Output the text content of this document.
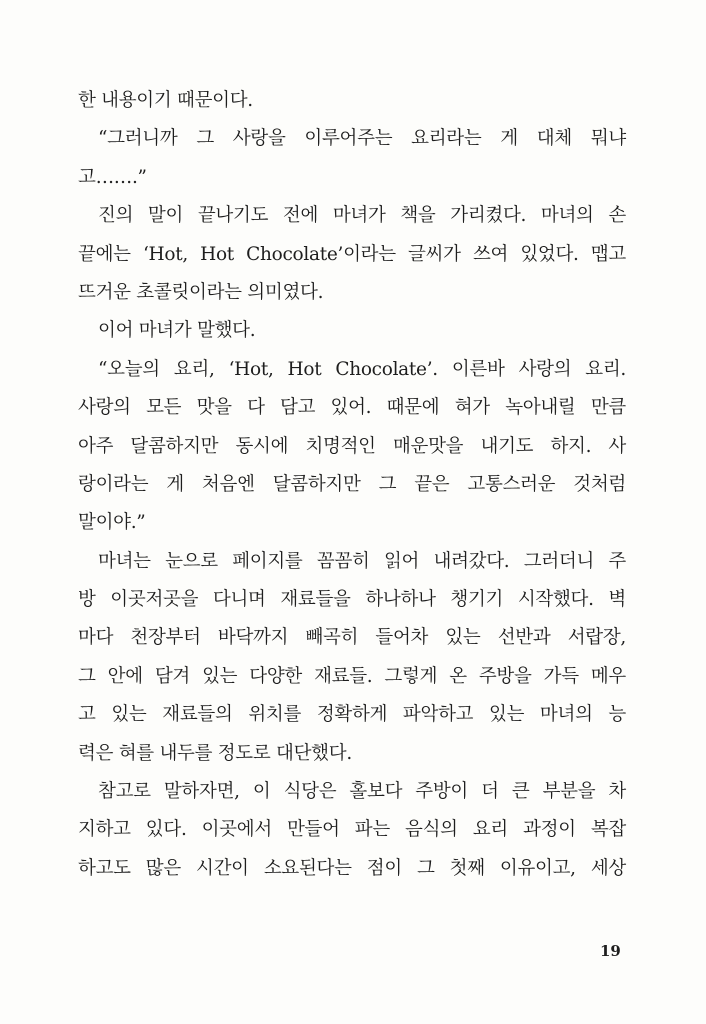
한 내용이기 때문이다.
“그러니까 그 사랑을 이루어주는 요리라는 게 대체 뭐냐
고…….”
진의 말이 끝나기도 전에 마녀가 책을 가리켰다. 마녀의 손
끝에는 ‘Hot, Hot Chocolate’이라는 글씨가 쓰여 있었다. 맵고
뜨거운 초콜릿이라는 의미였다.
이어 마녀가 말했다.
“오늘의 요리, ‘Hot, Hot Chocolate’. 이른바 사랑의 요리.
사랑의 모든 맛을 다 담고 있어. 때문에 혀가 녹아내릴 만큼
아주 달콤하지만 동시에 치명적인 매운맛을 내기도 하지. 사
랑이라는 게 처음엔 달콤하지만 그 끝은 고통스러운 것처럼
말이야.”
마녀는 눈으로 페이지를 꼼꼼히 읽어 내려갔다. 그러더니 주
방 이곳저곳을 다니며 재료들을 하나하나 챙기기 시작했다. 벽
마다 천장부터 바닥까지 빼곡히 들어차 있는 선반과 서랍장,
그 안에 담겨 있는 다양한 재료들. 그렇게 온 주방을 가득 메우
고 있는 재료들의 위치를 정확하게 파악하고 있는 마녀의 능
력은 혀를 내두를 정도로 대단했다.
참고로 말하자면, 이 식당은 홀보다 주방이 더 큰 부분을 차
지하고 있다. 이곳에서 만들어 파는 음식의 요리 과정이 복잡
하고도 많은 시간이 소요된다는 점이 그 첫째 이유이고, 세상
19
